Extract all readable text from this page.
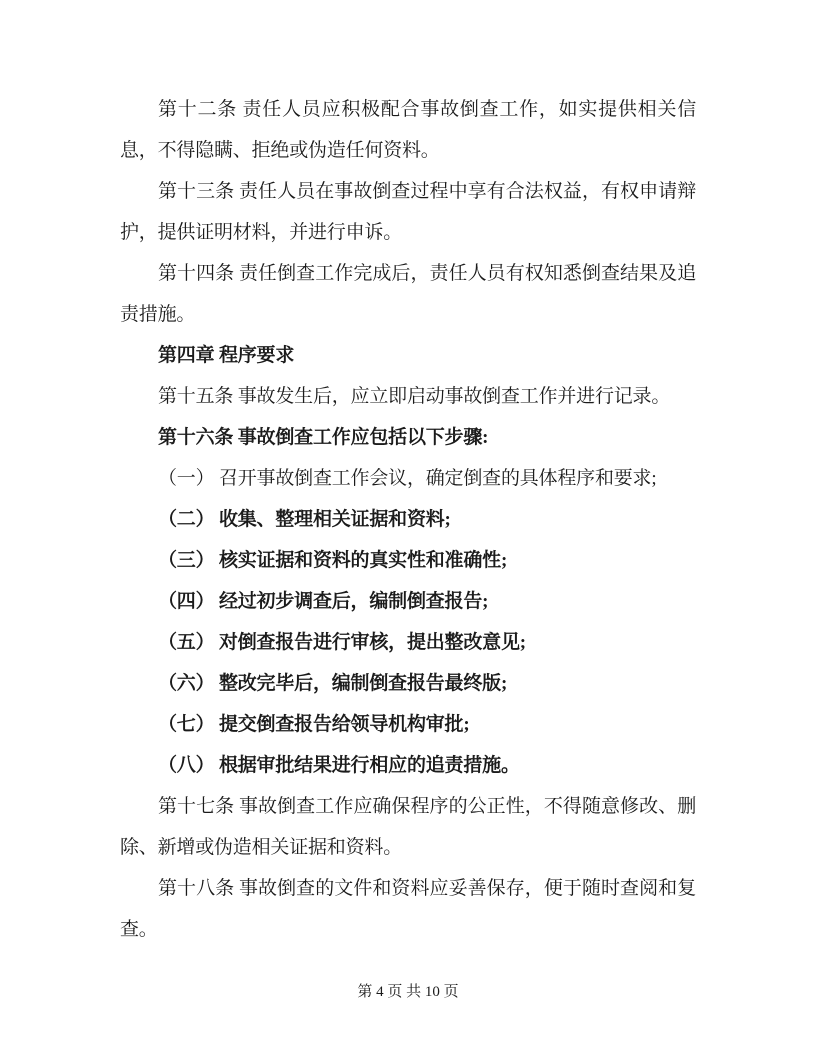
第十二条 责任人员应积极配合事故倒查工作，如实提供相关信
息，不得隐瞒、拒绝或伪造任何资料。
第十三条 责任人员在事故倒查过程中享有合法权益，有权申请辩
护，提供证明材料，并进行申诉。
第十四条 责任倒查工作完成后，责任人员有权知悉倒查结果及追
责措施。
第四章 程序要求
第十五条 事故发生后，应立即启动事故倒查工作并进行记录。
第十六条 事故倒查工作应包括以下步骤:
（一） 召开事故倒查工作会议，确定倒查的具体程序和要求;
（二） 收集、整理相关证据和资料;
（三） 核实证据和资料的真实性和准确性;
（四） 经过初步调查后，编制倒查报告;
（五） 对倒查报告进行审核，提出整改意见;
（六） 整改完毕后，编制倒查报告最终版;
（七） 提交倒查报告给领导机构审批;
（八） 根据审批结果进行相应的追责措施。
第十七条 事故倒查工作应确保程序的公正性，不得随意修改、删
除、新增或伪造相关证据和资料。
第十八条 事故倒查的文件和资料应妥善保存，便于随时查阅和复
查。
第 4 页 共 10 页
